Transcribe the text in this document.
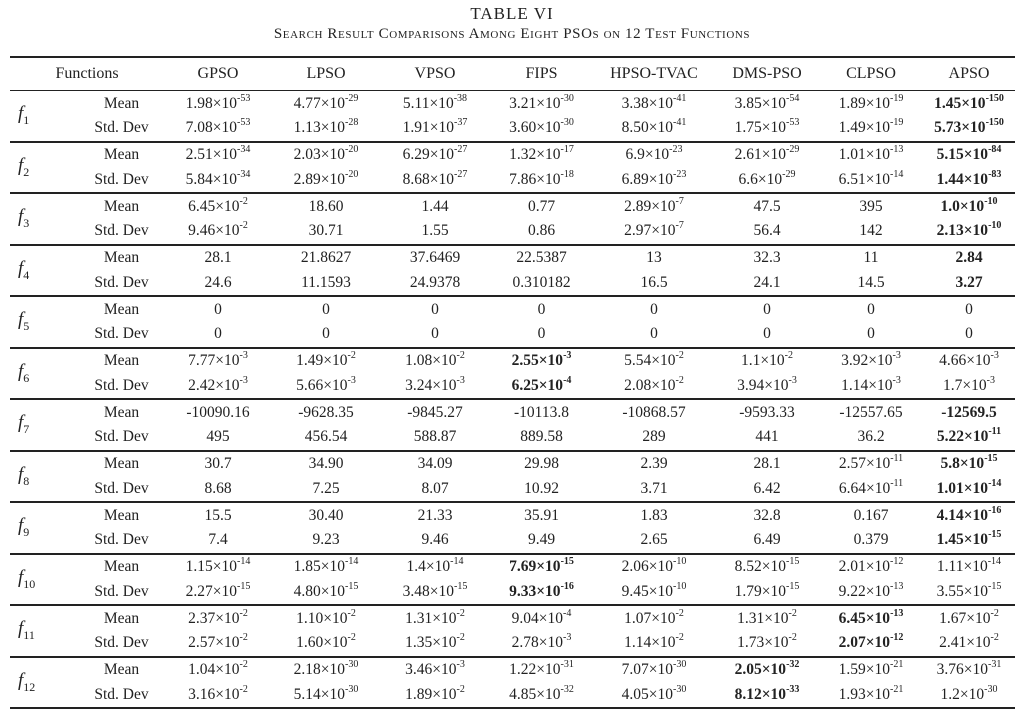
TABLE VI
Search Result Comparisons Among Eight PSOs on 12 Test Functions
Functions		GPSO	LPSO	VPSO	FIPS	HPSO-TVAC	DMS-PSO	CLPSO	APSO
$f_1$	Mean	$1.98\times 10^{-53}$	$4.77\times 10^{-29}$	$5.11\times 10^{-38}$	$3.21\times 10^{-30}$	$3.38\times 10^{-41}$	$3.85\times 10^{-54}$	$1.89\times 10^{-19}$	$1.45\times 10^{-150}$
	Std. Dev	$7.08\times 10^{-53}$	$1.13\times 10^{-28}$	$1.91\times 10^{-37}$	$3.60\times 10^{-30}$	$8.50\times 10^{-41}$	$1.75\times 10^{-53}$	$1.49\times 10^{-19}$	$5.73\times 10^{-150}$
$f_2$	Mean	$2.51\times 10^{-34}$	$2.03\times 10^{-20}$	$6.29\times 10^{-27}$	$1.32\times 10^{-17}$	$6.9\times 10^{-23}$	$2.61\times 10^{-29}$	$1.01\times 10^{-13}$	$5.15\times 10^{-84}$
	Std. Dev	$5.84\times 10^{-34}$	$2.89\times 10^{-20}$	$8.68\times 10^{-27}$	$7.86\times 10^{-18}$	$6.89\times 10^{-23}$	$6.6\times 10^{-29}$	$6.51\times 10^{-14}$	$1.44\times 10^{-83}$
$f_3$	Mean	$6.45\times 10^{-2}$	18.60	1.44	0.77	$2.89\times 10^{-7}$	47.5	395	$1.0\times 10^{-10}$
	Std. Dev	$9.46\times 10^{-2}$	30.71	1.55	0.86	$2.97\times 10^{-7}$	56.4	142	$2.13\times 10^{-10}$
$f_4$	Mean	28.1	21.8627	37.6469	22.5387	13	32.3	11	2.84
	Std. Dev	24.6	11.1593	24.9378	0.310182	16.5	24.1	14.5	3.27
$f_5$	Mean	0	0	0	0	0	0	0	0
	Std. Dev	0	0	0	0	0	0	0	0
$f_6$	Mean	$7.77\times 10^{-3}$	$1.49\times 10^{-2}$	$1.08\times 10^{-2}$	$2.55\times 10^{-3}$	$5.54\times 10^{-2}$	$1.1\times 10^{-2}$	$3.92\times 10^{-3}$	$4.66\times 10^{-3}$
	Std. Dev	$2.42\times 10^{-3}$	$5.66\times 10^{-3}$	$3.24\times 10^{-3}$	$6.25\times 10^{-4}$	$2.08\times 10^{-2}$	$3.94\times 10^{-3}$	$1.14\times 10^{-3}$	$1.7\times 10^{-3}$
$f_7$	Mean	-10090.16	-9628.35	-9845.27	-10113.8	-10868.57	-9593.33	-12557.65	-12569.5
	Std. Dev	495	456.54	588.87	889.58	289	441	36.2	$5.22\times 10^{-11}$
$f_8$	Mean	30.7	34.90	34.09	29.98	2.39	28.1	$2.57\times 10^{-11}$	$5.8\times 10^{-15}$
	Std. Dev	8.68	7.25	8.07	10.92	3.71	6.42	$6.64\times 10^{-11}$	$1.01\times 10^{-14}$
$f_9$	Mean	15.5	30.40	21.33	35.91	1.83	32.8	0.167	$4.14\times 10^{-16}$
	Std. Dev	7.4	9.23	9.46	9.49	2.65	6.49	0.379	$1.45\times 10^{-15}$
$f_{10}$	Mean	$1.15\times 10^{-14}$	$1.85\times 10^{-14}$	$1.4\times 10^{-14}$	$7.69\times 10^{-15}$	$2.06\times 10^{-10}$	$8.52\times 10^{-15}$	$2.01\times 10^{-12}$	$1.11\times 10^{-14}$
	Std. Dev	$2.27\times 10^{-15}$	$4.80\times 10^{-15}$	$3.48\times 10^{-15}$	$9.33\times 10^{-16}$	$9.45\times 10^{-10}$	$1.79\times 10^{-15}$	$9.22\times 10^{-13}$	$3.55\times 10^{-15}$
$f_{11}$	Mean	$2.37\times 10^{-2}$	$1.10\times 10^{-2}$	$1.31\times 10^{-2}$	$9.04\times 10^{-4}$	$1.07\times 10^{-2}$	$1.31\times 10^{-2}$	$6.45\times 10^{-13}$	$1.67\times 10^{-2}$
	Std. Dev	$2.57\times 10^{-2}$	$1.60\times 10^{-2}$	$1.35\times 10^{-2}$	$2.78\times 10^{-3}$	$1.14\times 10^{-2}$	$1.73\times 10^{-2}$	$2.07\times 10^{-12}$	$2.41\times 10^{-2}$
$f_{12}$	Mean	$1.04\times 10^{-2}$	$2.18\times 10^{-30}$	$3.46\times 10^{-3}$	$1.22\times 10^{-31}$	$7.07\times 10^{-30}$	$2.05\times 10^{-32}$	$1.59\times 10^{-21}$	$3.76\times 10^{-31}$
	Std. Dev	$3.16\times 10^{-2}$	$5.14\times 10^{-30}$	$1.89\times 10^{-2}$	$4.85\times 10^{-32}$	$4.05\times 10^{-30}$	$8.12\times 10^{-33}$	$1.93\times 10^{-21}$	$1.2\times 10^{-30}$
